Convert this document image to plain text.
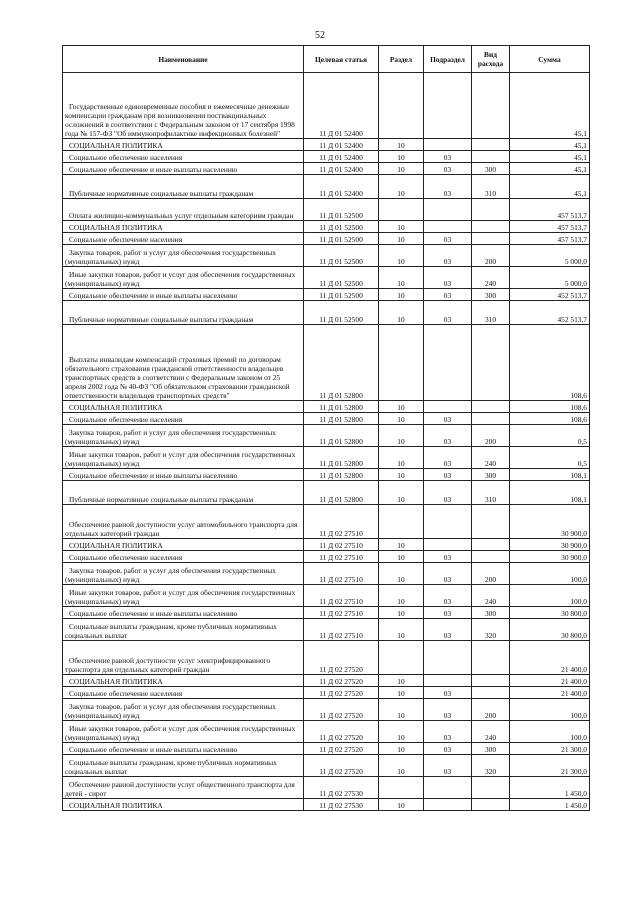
52
Наименование	Целевая статья	Раздел	Подраздел	Вид расхода	Сумма
Государственные единовременные пособия и ежемесячные денежные компенсации гражданам при возникновении поствакцинальных осложнений в соответствии с Федеральным законом от 17 сентября 1998 года № 157-ФЗ "Об иммунопрофилактике инфекционных болезней"	11 Д 01 52400				45,1
СОЦИАЛЬНАЯ ПОЛИТИКА	11 Д 01 52400	10			45,1
Социальное обеспечение населения	11 Д 01 52400	10	03		45,1
Социальное обеспечение и иные выплаты населению	11 Д 01 52400	10	03	300	45,1
Публичные нормативные социальные выплаты гражданам	11 Д 01 52400	10	03	310	45,1
Оплата жилищно-коммунальных услуг отдельным категориям граждан	11 Д 01 52500				457 513,7
СОЦИАЛЬНАЯ ПОЛИТИКА	11 Д 01 52500	10			457 513,7
Социальное обеспечение населения	11 Д 01 52500	10	03		457 513,7
Закупка товаров, работ и услуг для обеспечения государственных (муниципальных) нужд	11 Д 01 52500	10	03	200	5 000,0
Иные закупки товаров, работ и услуг для обеспечения государственных (муниципальных) нужд	11 Д 01 52500	10	03	240	5 000,0
Социальное обеспечение и иные выплаты населению	11 Д 01 52500	10	03	300	452 513,7
Публичные нормативные социальные выплаты гражданам	11 Д 01 52500	10	03	310	452 513,7
Выплаты инвалидам компенсаций страховых премий по договорам обязательного страхования гражданской ответственности владельцев транспортных средств в соответствии с Федеральным законом от 25 апреля 2002 года № 40-ФЗ "Об обязательном страховании гражданской ответственности владельцев транспортных средств"	11 Д 01 52800				108,6
СОЦИАЛЬНАЯ ПОЛИТИКА	11 Д 01 52800	10			108,6
Социальное обеспечение населения	11 Д 01 52800	10	03		108,6
Закупка товаров, работ и услуг для обеспечения государственных (муниципальных) нужд	11 Д 01 52800	10	03	200	0,5
Иные закупки товаров, работ и услуг для обеспечения государственных (муниципальных) нужд	11 Д 01 52800	10	03	240	0,5
Социальное обеспечение и иные выплаты населению	11 Д 01 52800	10	03	300	108,1
Публичные нормативные социальные выплаты гражданам	11 Д 01 52800	10	03	310	108,1
Обеспечение равной доступности услуг автомобильного транспорта для отдельных категорий граждан	11 Д 02 27510				30 900,0
СОЦИАЛЬНАЯ ПОЛИТИКА	11 Д 02 27510	10			30 900,0
Социальное обеспечение населения	11 Д 02 27510	10	03		30 900,0
Закупка товаров, работ и услуг для обеспечения государственных (муниципальных) нужд	11 Д 02 27510	10	03	200	100,0
Иные закупки товаров, работ и услуг для обеспечения государственных (муниципальных) нужд	11 Д 02 27510	10	03	240	100,0
Социальное обеспечение и иные выплаты населению	11 Д 02 27510	10	03	300	30 800,0
Социальные выплаты гражданам, кроме публичных нормативных социальных выплат	11 Д 02 27510	10	03	320	30 800,0
Обеспечение равной доступности услуг электрифицированного транспорта для отдельных категорий граждан	11 Д 02 27520				21 400,0
СОЦИАЛЬНАЯ ПОЛИТИКА	11 Д 02 27520	10			21 400,0
Социальное обеспечение населения	11 Д 02 27520	10	03		21 400,0
Закупка товаров, работ и услуг для обеспечения государственных (муниципальных) нужд	11 Д 02 27520	10	03	200	100,0
Иные закупки товаров, работ и услуг для обеспечения государственных (муниципальных) нужд	11 Д 02 27520	10	03	240	100,0
Социальное обеспечение и иные выплаты населению	11 Д 02 27520	10	03	300	21 300,0
Социальные выплаты гражданам, кроме публичных нормативных социальных выплат	11 Д 02 27520	10	03	320	21 300,0
Обеспечение равной доступности услуг общественного транспорта для детей - сирот	11 Д 02 27530				1 450,0
СОЦИАЛЬНАЯ ПОЛИТИКА	11 Д 02 27530	10			1 450,0
